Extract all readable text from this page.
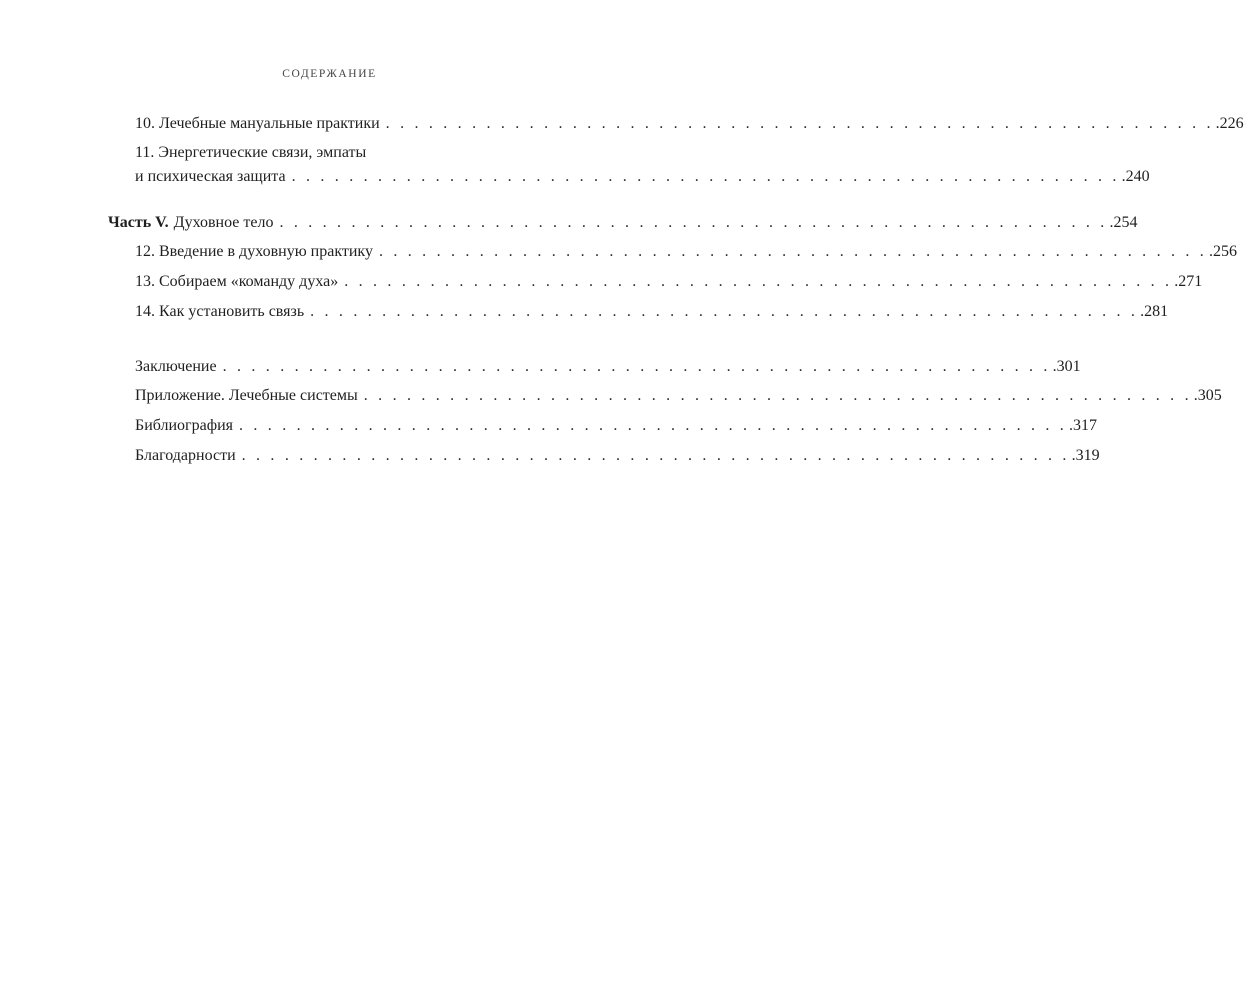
СОДЕРЖАНИЕ
10. Лечебные мануальные практики . . . . . . . . . . . . . . . . . . . . . . . . . . . . . . . . . . . . . . . . . . . . . . . . . . . . . . . . . . .226
11. Энергетические связи, эмпаты
и психическая защита . . . . . . . . . . . . . . . . . . . . . . . . . . . . . . . . . . . . . . . . . . . . . . . . . . . . . . . . . . .240
Часть V. Духовное тело . . . . . . . . . . . . . . . . . . . . . . . . . . . . . . . . . . . . . . . . . . . . . . . . . . . . . . . . . . .254
12. Введение в духовную практику . . . . . . . . . . . . . . . . . . . . . . . . . . . . . . . . . . . . . . . . . . . . . . . . . . . . . . . . . . .256
13. Собираем «команду духа» . . . . . . . . . . . . . . . . . . . . . . . . . . . . . . . . . . . . . . . . . . . . . . . . . . . . . . . . . . .271
14. Как установить связь . . . . . . . . . . . . . . . . . . . . . . . . . . . . . . . . . . . . . . . . . . . . . . . . . . . . . . . . . . .281
Заключение . . . . . . . . . . . . . . . . . . . . . . . . . . . . . . . . . . . . . . . . . . . . . . . . . . . . . . . . . . .301
Приложение. Лечебные системы . . . . . . . . . . . . . . . . . . . . . . . . . . . . . . . . . . . . . . . . . . . . . . . . . . . . . . . . . . .305
Библиография . . . . . . . . . . . . . . . . . . . . . . . . . . . . . . . . . . . . . . . . . . . . . . . . . . . . . . . . . . .317
Благодарности . . . . . . . . . . . . . . . . . . . . . . . . . . . . . . . . . . . . . . . . . . . . . . . . . . . . . . . . . . .319
